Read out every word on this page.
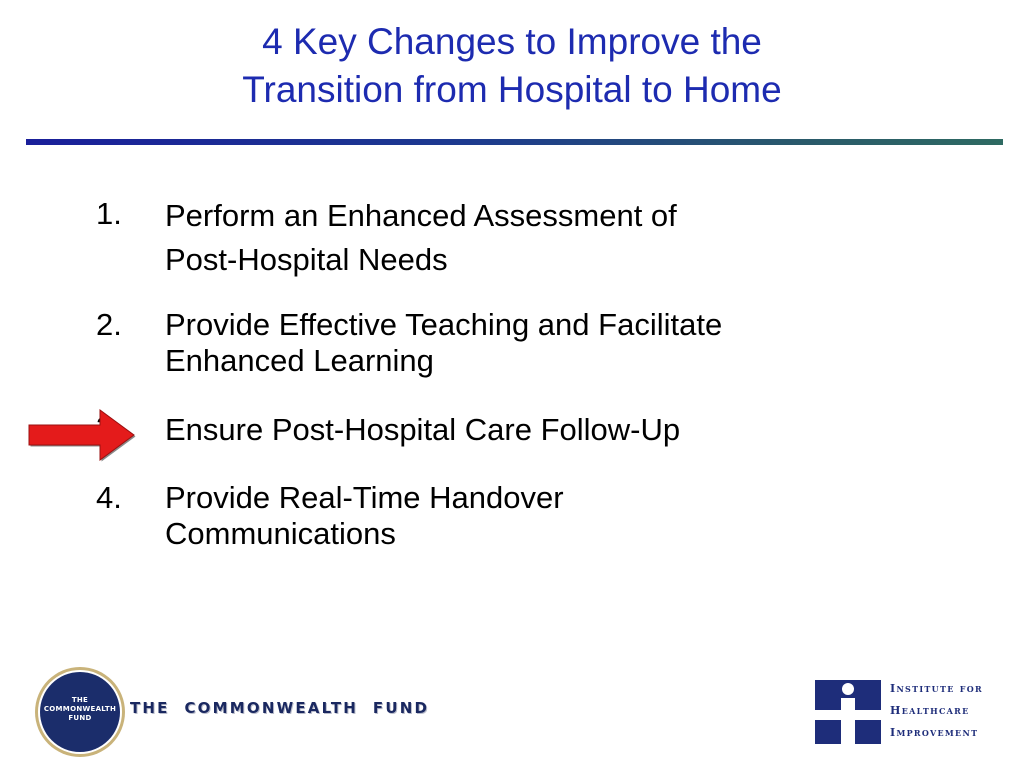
4 Key Changes to Improve the
Transition from Hospital to Home
1.	Perform an Enhanced Assessment of
Post-Hospital Needs
2.	Provide Effective Teaching and Facilitate
Enhanced Learning
Ensure Post-Hospital Care Follow-Up
4.	Provide Real-Time Handover
Communications
THE
COMMONWEALTH
FUND
THE  COMMONWEALTH  FUND
Institute for
Healthcare
Improvement
